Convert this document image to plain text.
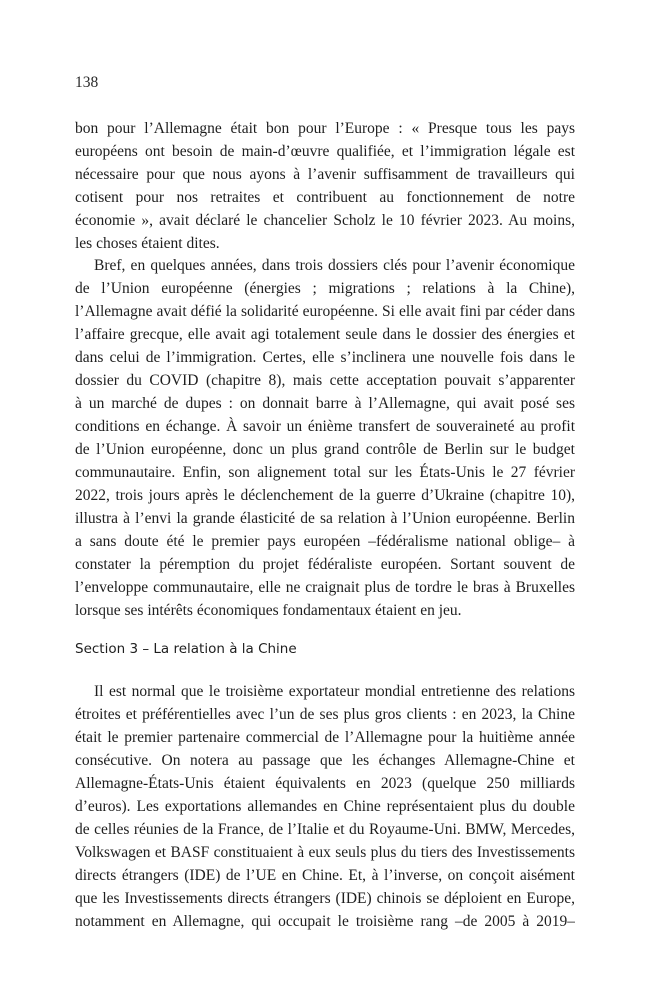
138
bon pour l’Allemagne était bon pour l’Europe : « Presque tous les pays
européens ont besoin de main-d’œuvre qualifiée, et l’immigration légale est
nécessaire pour que nous ayons à l’avenir suffisamment de travailleurs qui
cotisent pour nos retraites et contribuent au fonctionnement de notre
économie », avait déclaré le chancelier Scholz le 10 février 2023. Au moins,
les choses étaient dites.
Bref, en quelques années, dans trois dossiers clés pour l’avenir économique
de l’Union européenne (énergies ; migrations ; relations à la Chine),
l’Allemagne avait défié la solidarité européenne. Si elle avait fini par céder dans
l’affaire grecque, elle avait agi totalement seule dans le dossier des énergies et
dans celui de l’immigration. Certes, elle s’inclinera une nouvelle fois dans le
dossier du COVID (chapitre 8), mais cette acceptation pouvait s’apparenter
à un marché de dupes : on donnait barre à l’Allemagne, qui avait posé ses
conditions en échange. À savoir un énième transfert de souveraineté au profit
de l’Union européenne, donc un plus grand contrôle de Berlin sur le budget
communautaire. Enfin, son alignement total sur les États-Unis le 27 février
2022, trois jours après le déclenchement de la guerre d’Ukraine (chapitre 10),
illustra à l’envi la grande élasticité de sa relation à l’Union européenne. Berlin
a sans doute été le premier pays européen –fédéralisme national oblige– à
constater la péremption du projet fédéraliste européen. Sortant souvent de
l’enveloppe communautaire, elle ne craignait plus de tordre le bras à Bruxelles
lorsque ses intérêts économiques fondamentaux étaient en jeu.
Section 3 – La relation à la Chine
Il est normal que le troisième exportateur mondial entretienne des relations
étroites et préférentielles avec l’un de ses plus gros clients : en 2023, la Chine
était le premier partenaire commercial de l’Allemagne pour la huitième année
consécutive. On notera au passage que les échanges Allemagne-Chine et
Allemagne-États-Unis étaient équivalents en 2023 (quelque 250 milliards
d’euros). Les exportations allemandes en Chine représentaient plus du double
de celles réunies de la France, de l’Italie et du Royaume-Uni. BMW, Mercedes,
Volkswagen et BASF constituaient à eux seuls plus du tiers des Investissements
directs étrangers (IDE) de l’UE en Chine. Et, à l’inverse, on conçoit aisément
que les Investissements directs étrangers (IDE) chinois se déploient en Europe,
notamment en Allemagne, qui occupait le troisième rang –de 2005 à 2019–
